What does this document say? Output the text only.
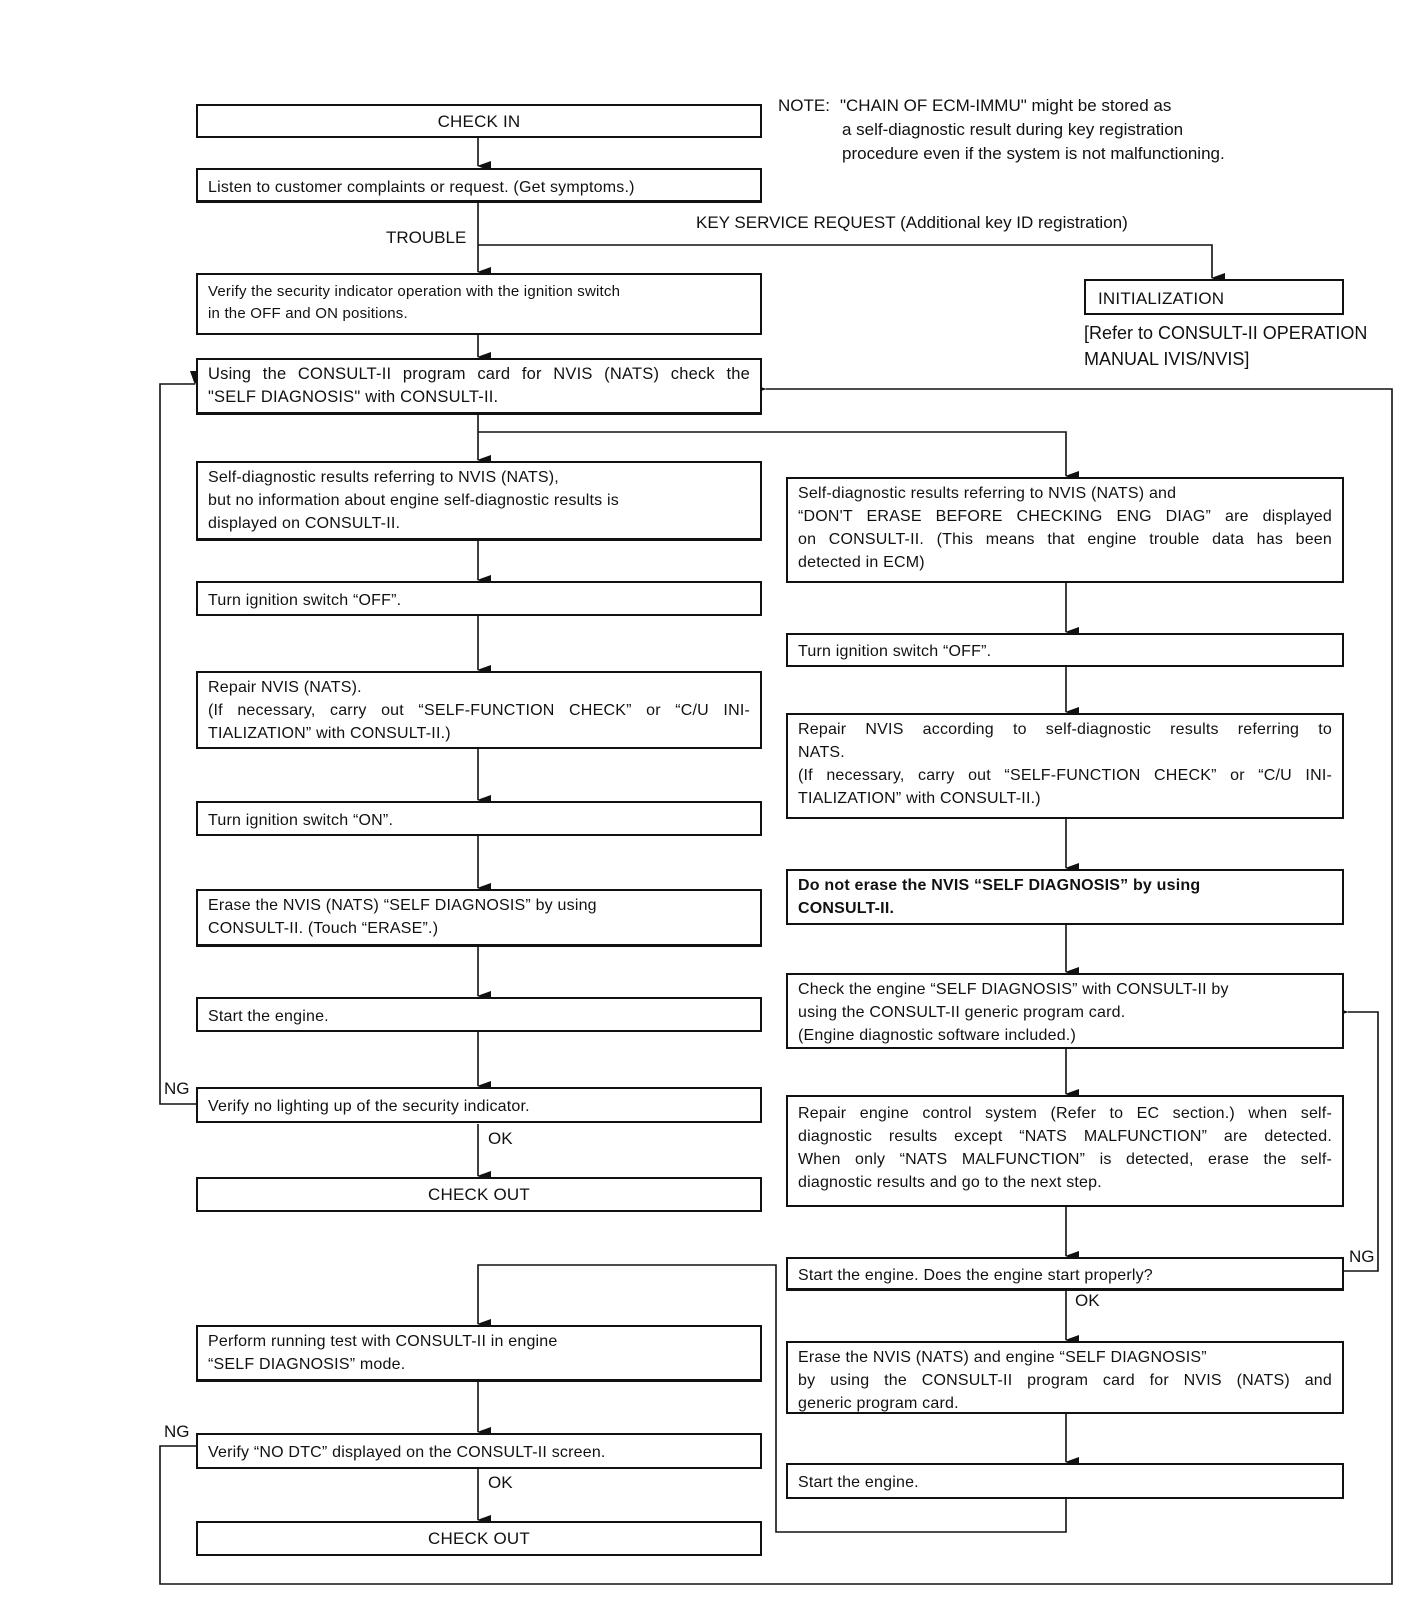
NOTE: "CHAIN OF ECM-IMMU" might be stored as
a self-diagnostic result during key registration
procedure even if the system is not malfunctioning.
TROUBLE
KEY SERVICE REQUEST (Additional key ID registration)
INITIALIZATION
[Refer to CONSULT-II OPERATION
MANUAL IVIS/NVIS]
CHECK IN
Listen to customer complaints or request. (Get symptoms.)
Verify the security indicator operation with the ignition switch
in the OFF and ON positions.
Using the CONSULT-II program card for NVIS (NATS) check the
"SELF DIAGNOSIS" with CONSULT-II.
Self-diagnostic results referring to NVIS (NATS),
but no information about engine self-diagnostic results is
displayed on CONSULT-II.
Turn ignition switch “OFF”.
Repair NVIS (NATS).
(If necessary, carry out “SELF-FUNCTION CHECK” or “C/U INI-
TIALIZATION” with CONSULT-II.)
Turn ignition switch “ON”.
Erase the NVIS (NATS) “SELF DIAGNOSIS” by using
CONSULT-II. (Touch “ERASE”.)
Start the engine.
NG
Verify no lighting up of the security indicator.
OK
CHECK OUT
Perform running test with CONSULT-II in engine
“SELF DIAGNOSIS” mode.
NG
Verify “NO DTC” displayed on the CONSULT-II screen.
OK
CHECK OUT
Self-diagnostic results referring to NVIS (NATS) and
“DON'T ERASE BEFORE CHECKING ENG DIAG” are displayed
on CONSULT-II. (This means that engine trouble data has been
detected in ECM)
Turn ignition switch “OFF”.
Repair NVIS according to self-diagnostic results referring to
NATS.
(If necessary, carry out “SELF-FUNCTION CHECK” or “C/U INI-
TIALIZATION” with CONSULT-II.)
Do not erase the NVIS “SELF DIAGNOSIS” by using
CONSULT-II.
Check the engine “SELF DIAGNOSIS” with CONSULT-II by
using the CONSULT-II generic program card.
(Engine diagnostic software included.)
Repair engine control system (Refer to EC section.) when self-
diagnostic results except “NATS MALFUNCTION” are detected.
When only “NATS MALFUNCTION” is detected, erase the self-
diagnostic results and go to the next step.
Start the engine. Does the engine start properly?
NG
OK
Erase the NVIS (NATS) and engine “SELF DIAGNOSIS”
by using the CONSULT-II program card for NVIS (NATS) and
generic program card.
Start the engine.
